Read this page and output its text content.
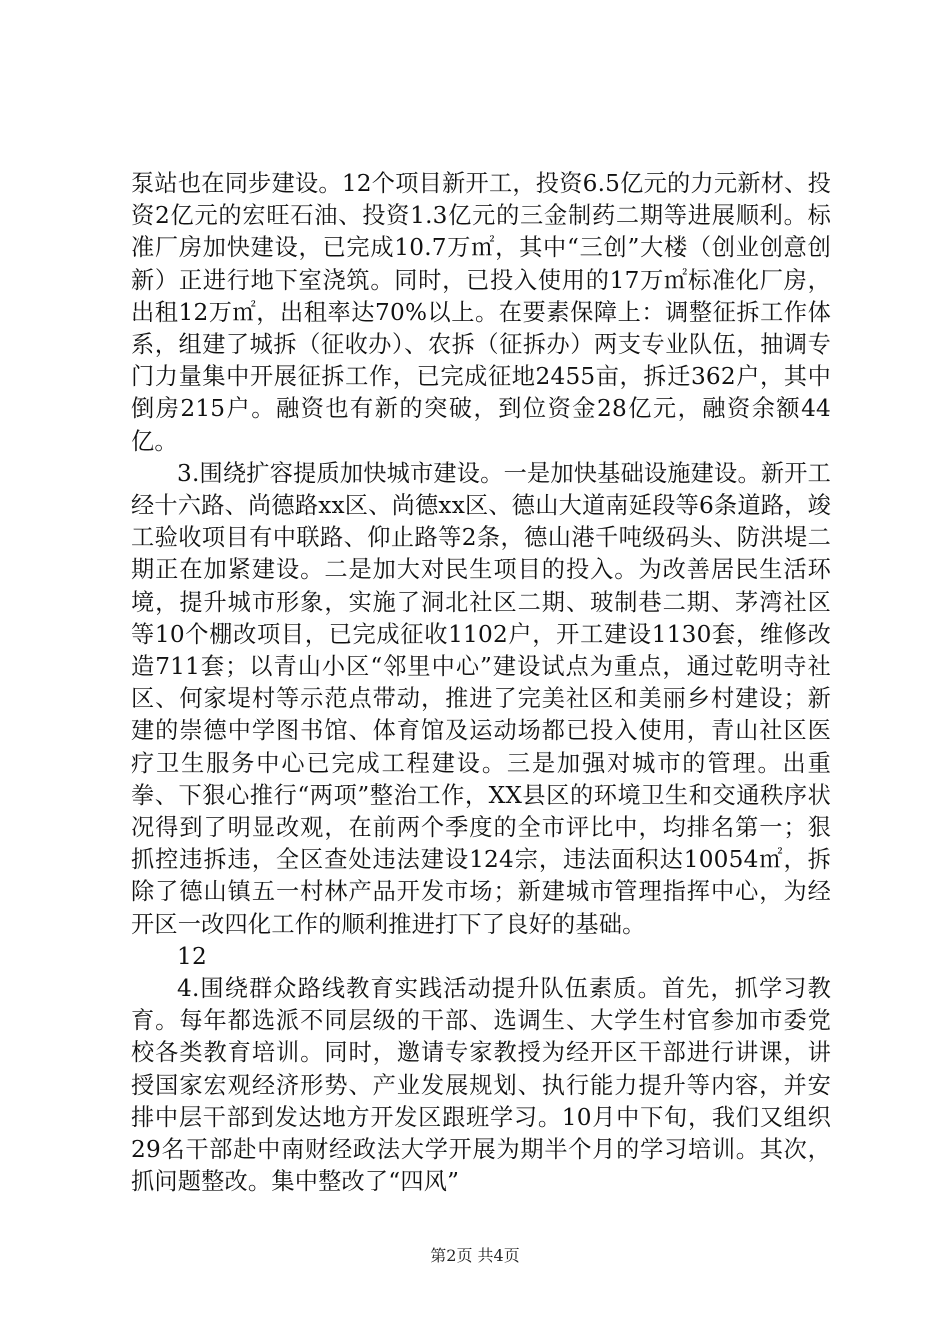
泵站也在同步建设。12个项目新开工，投资6.5亿元的力元新材、投资2亿元的宏旺石油、投资1.3亿元的三金制药二期等进展顺利。标准厂房加快建设，已完成10.7万㎡，其中“三创”大楼（创业创意创新）正进行地下室浇筑。同时，已投入使用的17万㎡标准化厂房，出租12万㎡，出租率达70%以上。在要素保障上：调整征拆工作体系，组建了城拆（征收办）、农拆（征拆办）两支专业队伍，抽调专门力量集中开展征拆工作，已完成征地2455亩，拆迁362户，其中倒房215户。融资也有新的突破，到位资金28亿元，融资余额44亿。

3.围绕扩容提质加快城市建设。一是加快基础设施建设。新开工经十六路、尚德路xx区、尚德xx区、德山大道南延段等6条道路，竣工验收项目有中联路、仰止路等2条，德山港千吨级码头、防洪堤二期正在加紧建设。二是加大对民生项目的投入。为改善居民生活环境，提升城市形象，实施了洞北社区二期、玻制巷二期、茅湾社区等10个棚改项目，已完成征收1102户，开工建设1130套，维修改造711套；以青山小区“邻里中心”建设试点为重点，通过乾明寺社区、何家堤村等示范点带动，推进了完美社区和美丽乡村建设；新建的崇德中学图书馆、体育馆及运动场都已投入使用，青山社区医疗卫生服务中心已完成工程建设。三是加强对城市的管理。出重拳、下狠心推行“两项”整治工作，XX县区的环境卫生和交通秩序状况得到了明显改观，在前两个季度的全市评比中，均排名第一；狠抓控违拆违，全区查处违法建设124宗，违法面积达10054㎡，拆除了德山镇五一村林产品开发市场；新建城市管理指挥中心，为经开区一改四化工作的顺利推进打下了良好的基础。

12

4.围绕群众路线教育实践活动提升队伍素质。首先，抓学习教育。每年都选派不同层级的干部、选调生、大学生村官参加市委党校各类教育培训。同时，邀请专家教授为经开区干部进行讲课，讲授国家宏观经济形势、产业发展规划、执行能力提升等内容，并安排中层干部到发达地方开发区跟班学习。10月中下旬，我们又组织29名干部赴中南财经政法大学开展为期半个月的学习培训。其次，抓问题整改。集中整改了“四风”

第2页 共4页
